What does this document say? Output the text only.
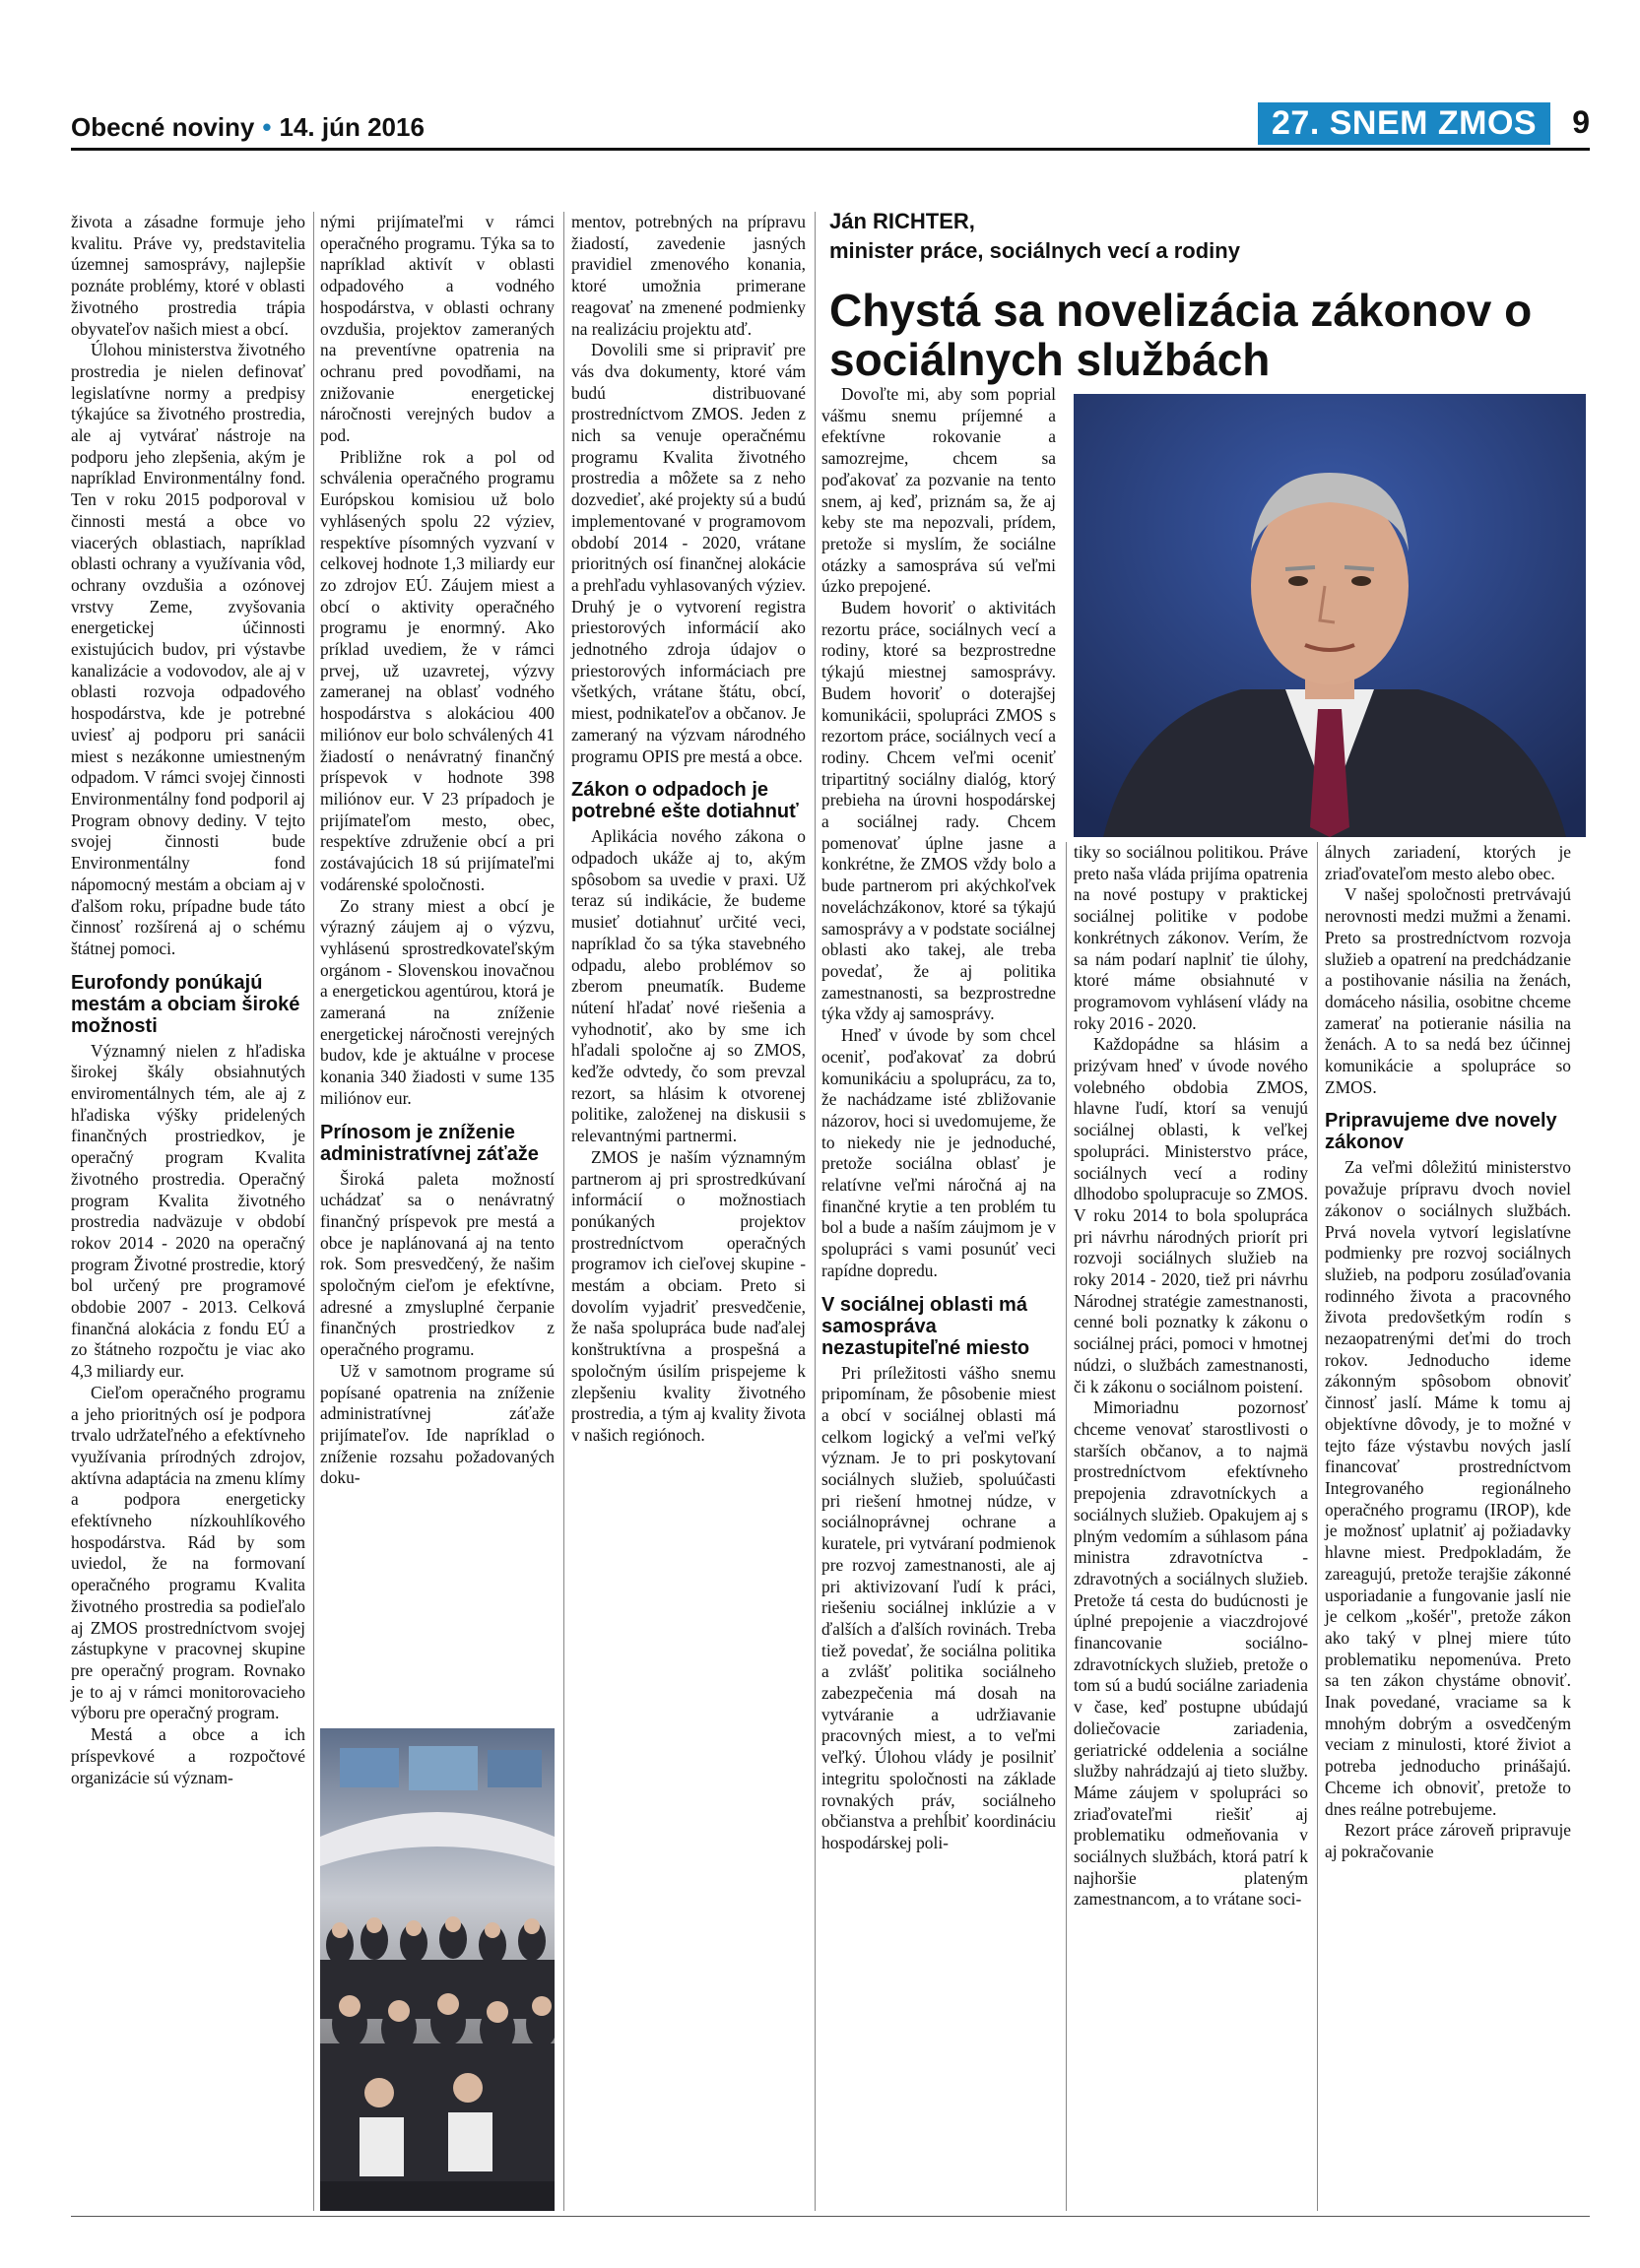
Obecné noviny • 14. jún 2016	27. SNEM ZMOS	9

života a zásadne formuje jeho kvalitu. Práve vy, predstavitelia územnej samosprávy, najlepšie poznáte problémy, ktoré v oblasti životného prostredia trápia obyvateľov našich miest a obcí.

Úlohou ministerstva životného prostredia je nielen definovať legislatívne normy a predpisy týkajúce sa životného prostredia, ale aj vytvárať nástroje na podporu jeho zlepšenia, akým je napríklad Environmentálny fond. Ten v roku 2015 podporoval v činnosti mestá a obce vo viacerých oblastiach, napríklad oblasti ochrany a využívania vôd, ochrany ovzdušia a ozónovej vrstvy Zeme, zvyšovania energetickej účinnosti existujúcich budov, pri výstavbe kanalizácie a vodovodov, ale aj v oblasti rozvoja odpadového hospodárstva, kde je potrebné uviesť aj podporu pri sanácii miest s nezákonne umiestneným odpadom. V rámci svojej činnosti Environmentálny fond podporil aj Program obnovy dediny. V tejto svojej činnosti bude Environmentálny fond nápomocný mestám a obciam aj v ďalšom roku, prípadne bude táto činnosť rozšírená aj o schému štátnej pomoci.

Eurofondy ponúkajú mestám a obciam široké možnosti

Významný nielen z hľadiska širokej škály obsiahnutých enviromentálnych tém, ale aj z hľadiska výšky pridelených finančných prostriedkov, je operačný program Kvalita životného prostredia. Operačný program Kvalita životného prostredia nadväzuje v období rokov 2014 - 2020 na operačný program Životné prostredie, ktorý bol určený pre programové obdobie 2007 - 2013. Celková finančná alokácia z fondu EÚ a zo štátneho rozpočtu je viac ako 4,3 miliardy eur.

Cieľom operačného programu a jeho prioritných osí je podpora trvalo udržateľného a efektívneho využívania prírodných zdrojov, aktívna adaptácia na zmenu klímy a podpora energeticky efektívneho nízkouhlíkového hospodárstva. Rád by som uviedol, že na formovaní operačného programu Kvalita životného prostredia sa podieľalo aj ZMOS prostredníctvom svojej zástupkyne v pracovnej skupine pre operačný program. Rovnako je to aj v rámci monitorovacieho výboru pre operačný program.

Mestá a obce a ich príspevkové a rozpočtové organizácie sú význam-

nými prijímateľmi v rámci operačného programu. Týka sa to napríklad aktivít v oblasti odpadového a vodného hospodárstva, v oblasti ochrany ovzdušia, projektov zameraných na preventívne opatrenia na ochranu pred povodňami, na znižovanie energetickej náročnosti verejných budov a pod.

Približne rok a pol od schválenia operačného programu Európskou komisiou už bolo vyhlásených spolu 22 výziev, respektíve písomných vyzvaní v celkovej hodnote 1,3 miliardy eur zo zdrojov EÚ. Záujem miest a obcí o aktivity operačného programu je enormný. Ako príklad uvediem, že v rámci prvej, už uzavretej, výzvy zameranej na oblasť vodného hospodárstva s alokáciou 400 miliónov eur bolo schválených 41 žiadostí o nenávratný finančný príspevok v hodnote 398 miliónov eur. V 23 prípadoch je prijímateľom mesto, obec, respektíve združenie obcí a pri zostávajúcich 18 sú prijímateľmi vodárenské spoločnosti.

Zo strany miest a obcí je výrazný záujem aj o výzvu, vyhlásenú sprostredkovateľským orgánom - Slovenskou inovačnou a energetickou agentúrou, ktorá je zameraná na zníženie energetickej náročnosti verejných budov, kde je aktuálne v procese konania 340 žiadosti v sume 135 miliónov eur.

Prínosom je zníženie administratívnej záťaže

Široká paleta možností uchádzať sa o nenávratný finančný príspevok pre mestá a obce je naplánovaná aj na tento rok. Som presvedčený, že našim spoločným cieľom je efektívne, adresné a zmysluplné čerpanie finančných prostriedkov z operačného programu.

Už v samotnom programe sú popísané opatrenia na zníženie administratívnej záťaže prijímateľov. Ide napríklad o zníženie rozsahu požadovaných doku-

mentov, potrebných na prípravu žiadostí, zavedenie jasných pravidiel zmenového konania, ktoré umožnia primerane reagovať na zmenené podmienky na realizáciu projektu atď.

Dovolili sme si pripraviť pre vás dva dokumenty, ktoré vám budú distribuované prostredníctvom ZMOS. Jeden z nich sa venuje operačnému programu Kvalita životného prostredia a môžete sa z neho dozvedieť, aké projekty sú a budú implementované v programovom období 2014 - 2020, vrátane prioritných osí finančnej alokácie a prehľadu vyhlasovaných výziev. Druhý je o vytvorení registra priestorových informácií ako jednotného zdroja údajov o priestorových informáciach pre všetkých, vrátane štátu, obcí, miest, podnikateľov a občanov. Je zameraný na výzvam národného programu OPIS pre mestá a obce.

Zákon o odpadoch je potrebné ešte dotiahnuť

Aplikácia nového zákona o odpadoch ukáže aj to, akým spôsobom sa uvedie v praxi. Už teraz sú indikácie, že budeme musieť dotiahnuť určité veci, napríklad čo sa týka stavebného odpadu, alebo problémov so zberom pneumatík. Budeme nútení hľadať nové riešenia a vyhodnotiť, ako by sme ich hľadali spoločne aj so ZMOS, keďže odvtedy, čo som prevzal rezort, sa hlásim k otvorenej politike, založenej na diskusii s relevantnými partnermi.

ZMOS je naším významným partnerom aj pri sprostredkúvaní informácií o možnostiach ponúkaných projektov prostredníctvom operačných programov ich cieľovej skupine - mestám a obciam. Preto si dovolím vyjadriť presvedčenie, že naša spolupráca bude naďalej konštruktívna a prospešná a spoločným úsilím prispejeme k zlepšeniu kvality životného prostredia, a tým aj kvality života v našich regiónoch.

Ján RICHTER,
minister práce, sociálnych vecí a rodiny
Chystá sa novelizácia zákonov o sociálnych službách

Dovoľte mi, aby som poprial vášmu snemu príjemné a efektívne rokovanie a samozrejme, chcem sa poďakovať za pozvanie na tento snem, aj keď, priznám sa, že aj keby ste ma nepozvali, prídem, pretože si myslím, že sociálne otázky a samospráva sú veľmi úzko prepojené.

Budem hovoriť o aktivitách rezortu práce, sociálnych vecí a rodiny, ktoré sa bezprostredne týkajú miestnej samosprávy. Budem hovoriť o doterajšej komunikácii, spolupráci ZMOS s rezortom práce, sociálnych vecí a rodiny. Chcem veľmi oceniť tripartitný sociálny dialóg, ktorý prebieha na úrovni hospodárskej a sociálnej rady. Chcem pomenovať úplne jasne a konkrétne, že ZMOS vždy bolo a bude partnerom pri akýchkoľvek noveláchzákonov, ktoré sa týkajú samosprávy a v podstate sociálnej oblasti ako takej, ale treba povedať, že aj politika zamestnanosti, sa bezprostredne týka vždy aj samosprávy.

Hneď v úvode by som chcel oceniť, poďakovať za dobrú komunikáciu a spoluprácu, za to, že nachádzame isté zbližovanie názorov, hoci si uvedomujeme, že to niekedy nie je jednoduché, pretože sociálna oblasť je relatívne veľmi náročná aj na finančné krytie a ten problém tu bol a bude a naším záujmom je v spolupráci s vami posunúť veci rapídne dopredu.

V sociálnej oblasti má samospráva nezastupiteľné miesto

Pri príležitosti vášho snemu pripomínam, že pôsobenie miest a obcí v sociálnej oblasti má celkom logický a veľmi veľký význam. Je to pri poskytovaní sociálnych služieb, spoluúčasti pri riešení hmotnej núdze, v sociálnoprávnej ochrane a kuratele, pri vytváraní podmienok pre rozvoj zamestnanosti, ale aj pri aktivizovaní ľudí k práci, riešeniu sociálnej inklúzie a v ďalších a ďalších rovinách. Treba tiež povedať, že sociálna politika a zvlášť politika sociálneho zabezpečenia má dosah na vytváranie a udržiavanie pracovných miest, a to veľmi veľký. Úlohou vlády je posilniť integritu spoločnosti na základe rovnakých práv, sociálneho občianstva a prehĺbiť koordináciu hospodárskej poli-

tiky so sociálnou politikou. Práve preto naša vláda prijíma opatrenia na nové postupy v praktickej sociálnej politike v podobe konkrétnych zákonov. Verím, že sa nám podarí naplniť tie úlohy, ktoré máme obsiahnuté v programovom vyhlásení vlády na roky 2016 - 2020.

Každopádne sa hlásim a prizývam hneď v úvode nového volebného obdobia ZMOS, hlavne ľudí, ktorí sa venujú sociálnej oblasti, k veľkej spolupráci. Ministerstvo práce, sociálnych vecí a rodiny dlhodobo spolupracuje so ZMOS. V roku 2014 to bola spolupráca pri návrhu národných priorít pri rozvoji sociálnych služieb na roky 2014 - 2020, tiež pri návrhu Národnej stratégie zamestnanosti, cenné boli poznatky k zákonu o sociálnej práci, pomoci v hmotnej núdzi, o službách zamestnanosti, či k zákonu o sociálnom poistení.

Mimoriadnu pozornosť chceme venovať starostlivosti o starších občanov, a to najmä prostredníctvom efektívneho prepojenia zdravotníckych a sociálnych služieb. Opakujem aj s plným vedomím a súhlasom pána ministra zdravotníctva - zdravotných a sociálnych služieb. Pretože tá cesta do budúcnosti je úplné prepojenie a viaczdrojové financovanie sociálno-zdravotníckych služieb, pretože o tom sú a budú sociálne zariadenia v čase, keď postupne ubúdajú doliečovacie zariadenia, geriatrické oddelenia a sociálne služby nahrádzajú aj tieto služby. Máme záujem v spolupráci so zriaďovateľmi riešiť aj problematiku odmeňovania v sociálnych službách, ktorá patrí k najhoršie plateným zamestnancom, a to vrátane soci-

álnych zariadení, ktorých je zriaďovateľom mesto alebo obec.

V našej spoločnosti pretrvávajú nerovnosti medzi mužmi a ženami. Preto sa prostredníctvom rozvoja služieb a opatrení na predchádzanie a postihovanie násilia na ženách, domáceho násilia, osobitne chceme zamerať na potieranie násilia na ženách. A to sa nedá bez účinnej komunikácie a spolupráce so ZMOS.

Pripravujeme dve novely zákonov

Za veľmi dôležitú ministerstvo považuje prípravu dvoch noviel zákonov o sociálnych službách. Prvá novela vytvorí legislatívne podmienky pre rozvoj sociálnych služieb, na podporu zosúlaďovania rodinného života a pracovného života predovšetkým rodín s nezaopatrenými deťmi do troch rokov. Jednoducho ideme zákonným spôsobom obnoviť činnosť jaslí. Máme k tomu aj objektívne dôvody, je to možné v tejto fáze výstavbu nových jaslí financovať prostredníctvom Integrovaného regionálneho operačného programu (IROP), kde je možnosť uplatniť aj požiadavky hlavne miest. Predpokladám, že zareagujú, pretože terajšie zákonné usporiadanie a fungovanie jaslí nie je celkom „košér", pretože zákon ako taký v plnej miere túto problematiku nepomenúva. Preto sa ten zákon chystáme obnoviť. Inak povedané, vraciame sa k mnohým dobrým a osvedčeným veciam z minulosti, ktoré živiot a potreba jednoducho prinášajú. Chceme ich obnoviť, pretože to dnes reálne potrebujeme.

Rezort práce zároveň pripravuje aj pokračovanie
